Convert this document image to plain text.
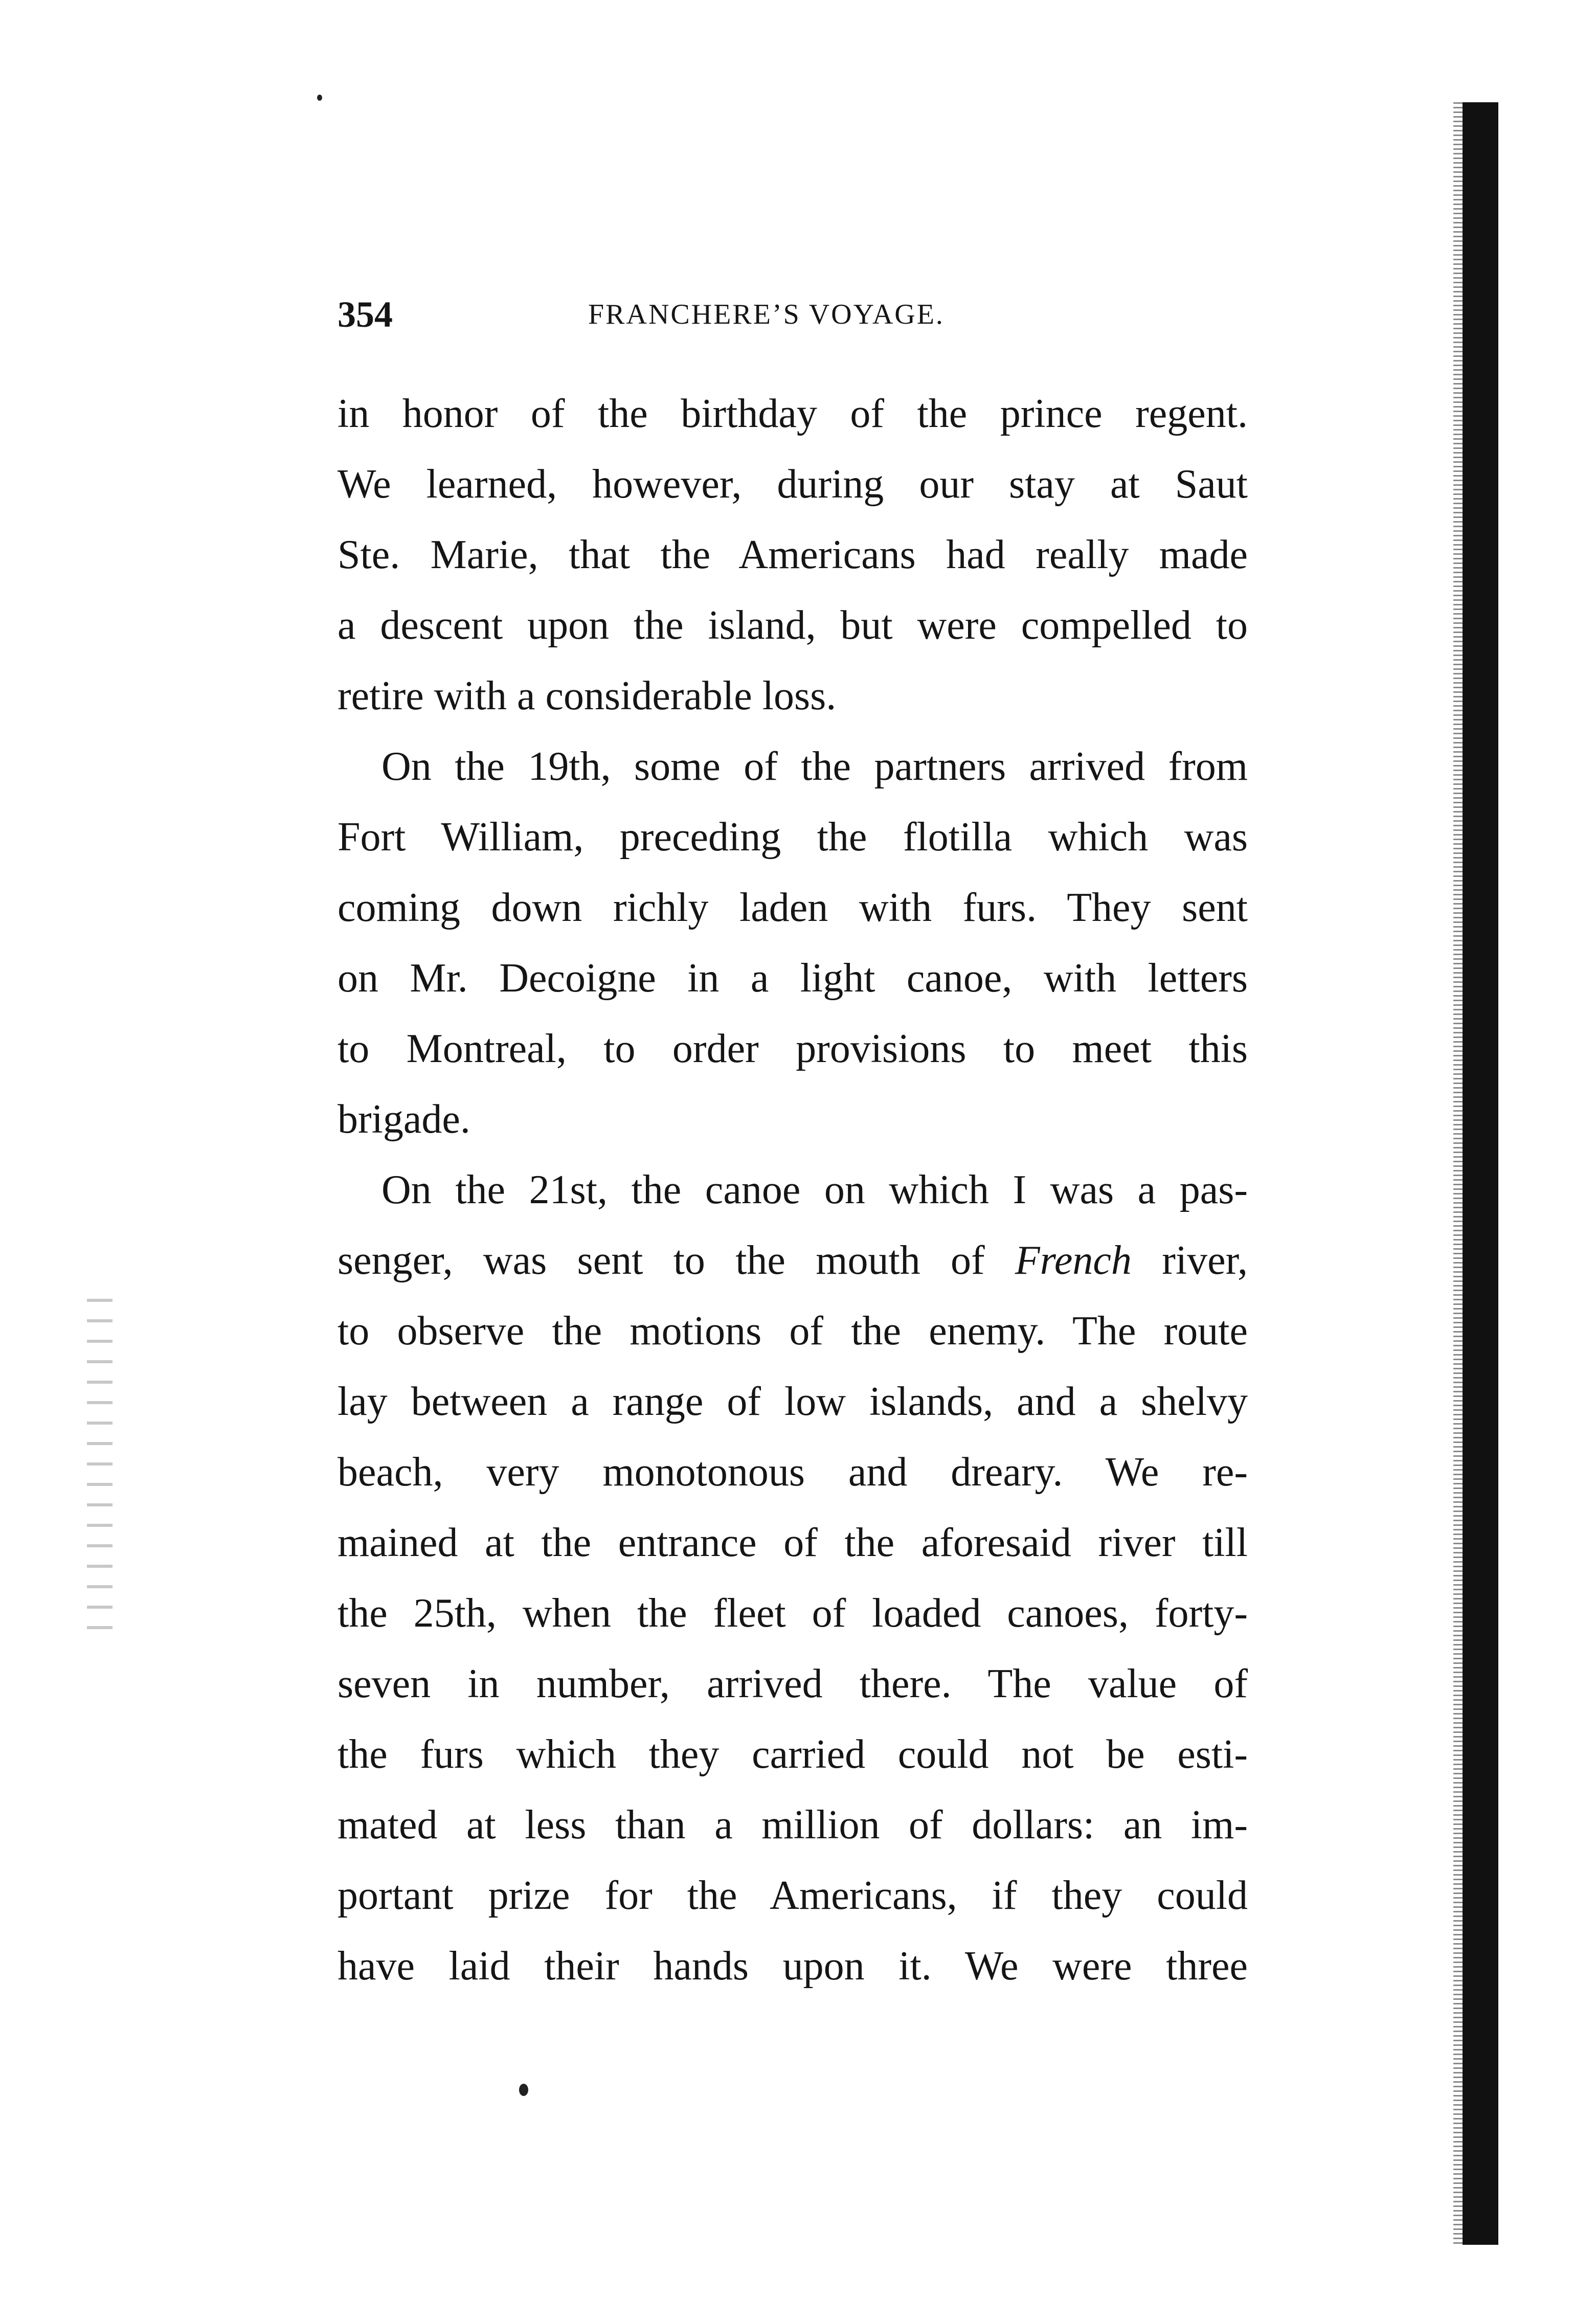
354	FRANCHERE’S VOYAGE.
in honor of the birthday of the prince regent.
We learned, however, during our stay at Saut
Ste. Marie, that the Americans had really made
a descent upon the island, but were compelled to
retire with a considerable loss.
On the 19th, some of the partners arrived from
Fort William, preceding the flotilla which was
coming down richly laden with furs. They sent
on Mr. Decoigne in a light canoe, with letters
to Montreal, to order provisions to meet this
brigade.
On the 21st, the canoe on which I was a pas-
senger, was sent to the mouth of French river,
to observe the motions of the enemy. The route
lay between a range of low islands, and a shelvy
beach, very monotonous and dreary. We re-
mained at the entrance of the aforesaid river till
the 25th, when the fleet of loaded canoes, forty-
seven in number, arrived there. The value of
the furs which they carried could not be esti-
mated at less than a million of dollars: an im-
portant prize for the Americans, if they could
have laid their hands upon it. We were three
